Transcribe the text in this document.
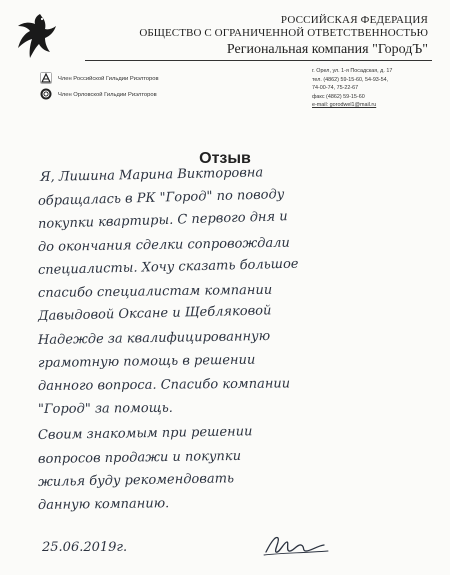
РОССИЙСКАЯ ФЕДЕРАЦИЯ
ОБЩЕСТВО С ОГРАНИЧЕННОЙ ОТВЕТСТВЕННОСТЬЮ
Региональная компания "ГородЪ"
Член Российской Гильдии Риэлторов
Член Орловской Гильдии Риэлторов
г. Орел, ул. 1-я Посадская, д. 17
тел. (4862) 59-15-60, 54-93-54,
74-00-74, 75-22-67
факс (4862) 59-15-60
e-mail: gorodwel1@mail.ru
Отзыв
Я, Лишина Марина Викторовна
обращалась в РК "Город" по поводу
покупки квартиры. С первого дня и
до окончания сделки сопровождали
специалисты. Хочу сказать большое
спасибо специалистам компании
Давыдовой Оксане и Щебляковой
Надежде за квалифицированную
грамотную помощь в решении
данного вопроса. Спасибо компании
"Город" за помощь.
Своим знакомым при решении
вопросов продажи и покупки
жилья буду рекомендовать
данную компанию.
25.06.2019г.
